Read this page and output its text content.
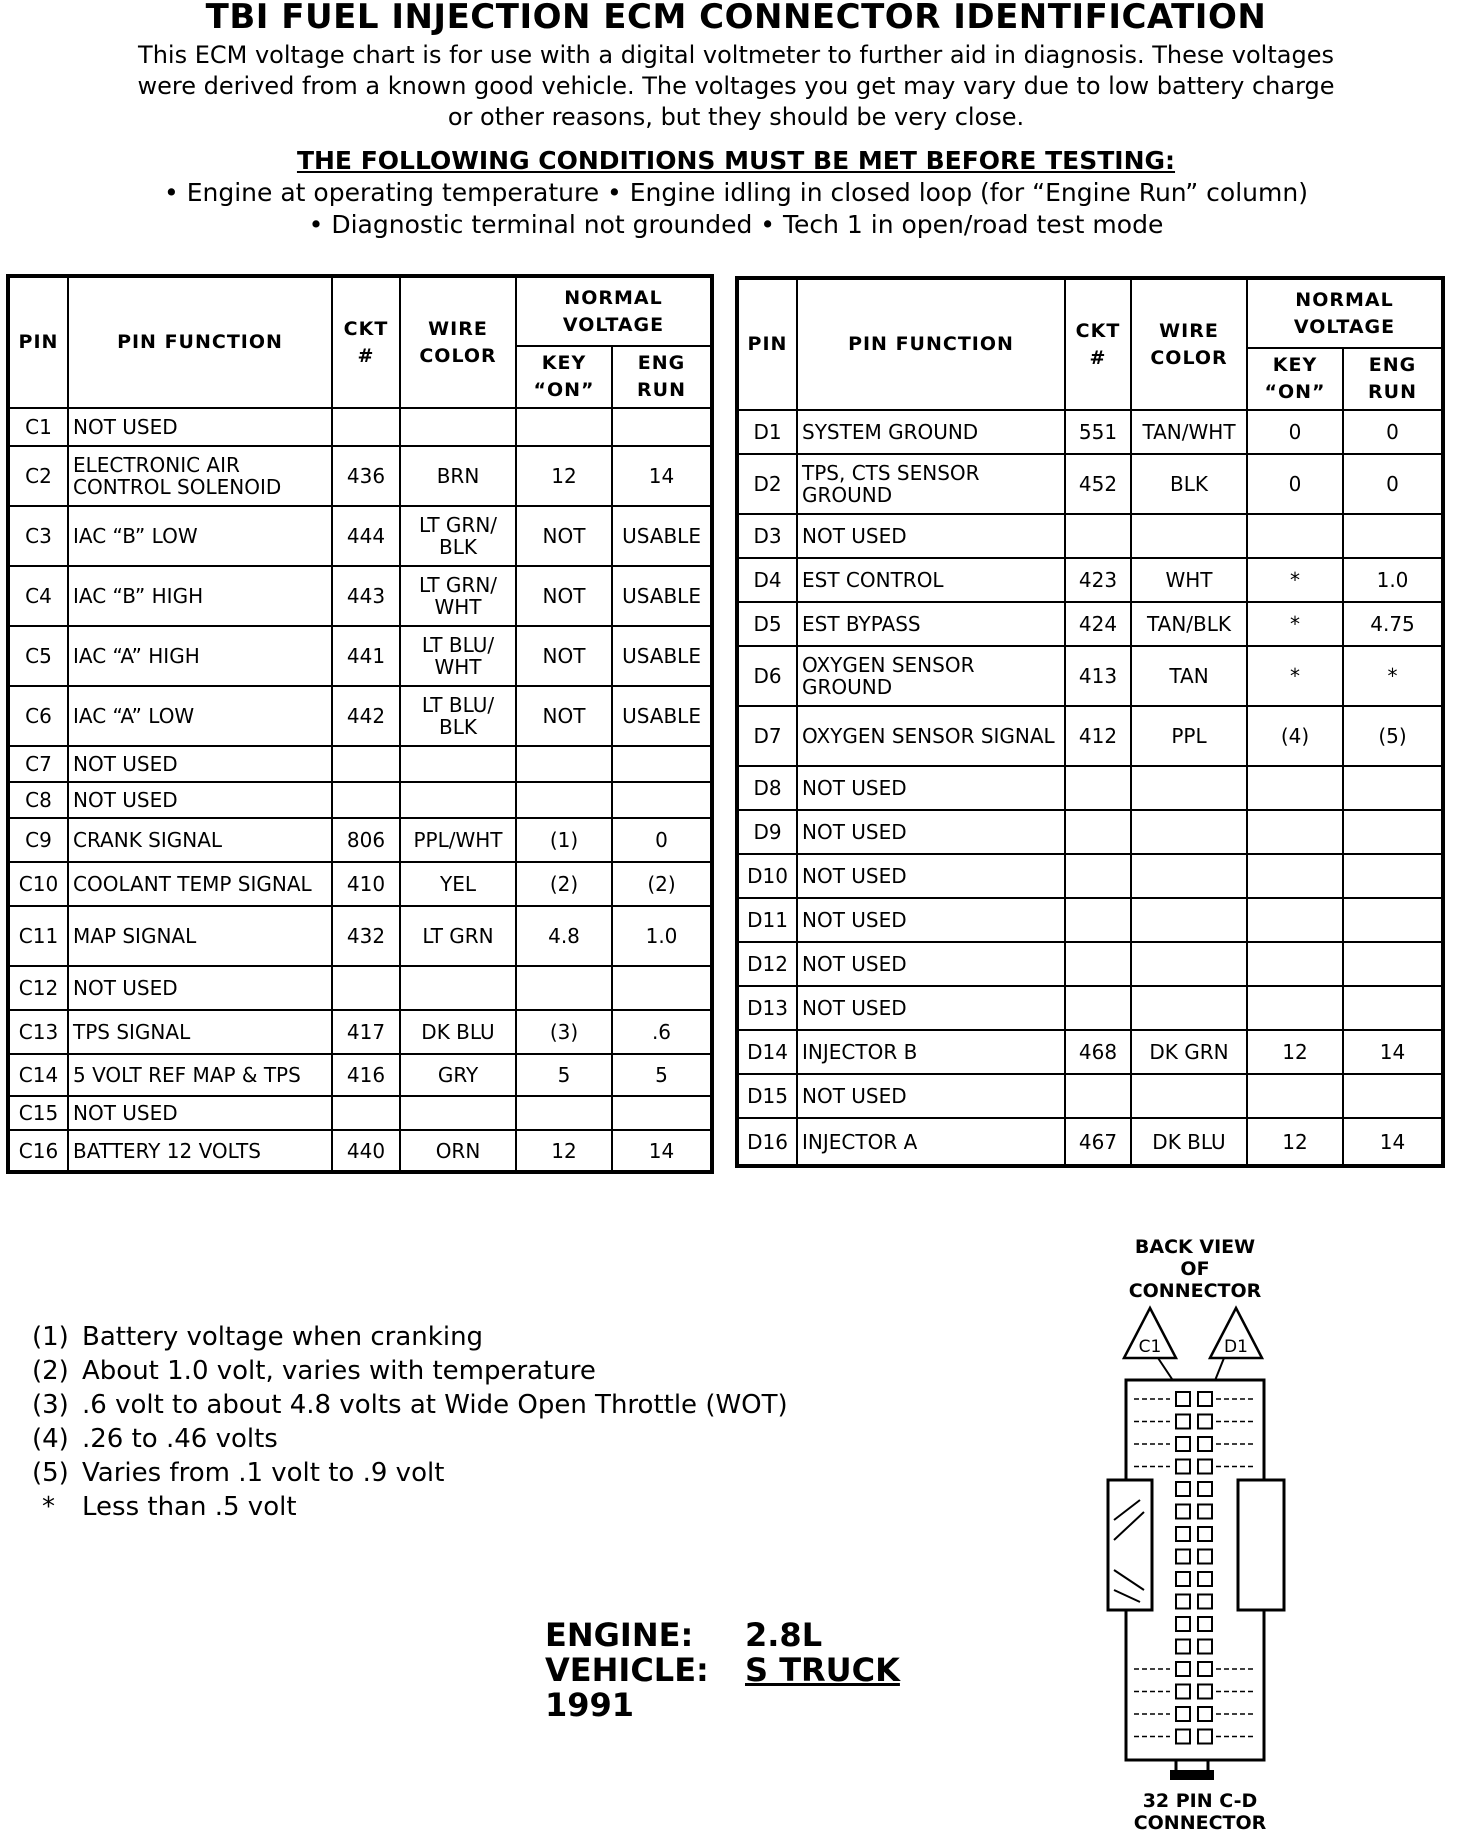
TBI FUEL INJECTION ECM CONNECTOR IDENTIFICATION
This ECM voltage chart is for use with a digital voltmeter to further aid in diagnosis. These voltages
were derived from a known good vehicle. The voltages you get may vary due to low battery charge
or other reasons, but they should be very close.
THE FOLLOWING CONDITIONS MUST BE MET BEFORE TESTING:
• Engine at operating temperature • Engine idling in closed loop (for “Engine Run” column)
• Diagnostic terminal not grounded • Tech 1 in open/road test mode
PIN	PIN FUNCTION	CKT #	WIRE COLOR	NORMAL VOLTAGE	
				KEY “ON”	ENG RUN
C1	NOT USED				
C2	ELECTRONIC AIR CONTROL SOLENOID	436	BRN	12	14
C3	IAC “B” LOW	444	LT GRN/ BLK	NOT	USABLE
C4	IAC “B” HIGH	443	LT GRN/ WHT	NOT	USABLE
C5	IAC “A” HIGH	441	LT BLU/ WHT	NOT	USABLE
C6	IAC “A” LOW	442	LT BLU/ BLK	NOT	USABLE
C7	NOT USED				
C8	NOT USED				
C9	CRANK SIGNAL	806	PPL/WHT	(1)	0
C10	COOLANT TEMP SIGNAL	410	YEL	(2)	(2)
C11	MAP SIGNAL	432	LT GRN	4.8	1.0
C12	NOT USED				
C13	TPS SIGNAL	417	DK BLU	(3)	.6
C14	5 VOLT REF MAP & TPS	416	GRY	5	5
C15	NOT USED				
C16	BATTERY 12 VOLTS	440	ORN	12	14
PIN	PIN FUNCTION	CKT #	WIRE COLOR	NORMAL VOLTAGE	
				KEY “ON”	ENG RUN
D1	SYSTEM GROUND	551	TAN/WHT	0	0
D2	TPS, CTS SENSOR GROUND	452	BLK	0	0
D3	NOT USED				
D4	EST CONTROL	423	WHT	*	1.0
D5	EST BYPASS	424	TAN/BLK	*	4.75
D6	OXYGEN SENSOR GROUND	413	TAN	*	*
D7	OXYGEN SENSOR SIGNAL	412	PPL	(4)	(5)
D8	NOT USED				
D9	NOT USED				
D10	NOT USED				
D11	NOT USED				
D12	NOT USED				
D13	NOT USED				
D14	INJECTOR B	468	DK GRN	12	14
D15	NOT USED				
D16	INJECTOR A	467	DK BLU	12	14
(1) Battery voltage when cranking
(2) About 1.0 volt, varies with temperature
(3) .6 volt to about 4.8 volts at Wide Open Throttle (WOT)
(4) .26 to .46 volts
(5) Varies from .1 volt to .9 volt
*	Less than .5 volt
ENGINE:	2.8L
VEHICLE:	S TRUCK
1991
BACK VIEW
OF
CONNECTOR
C1	D1
32 PIN C-D
CONNECTOR
